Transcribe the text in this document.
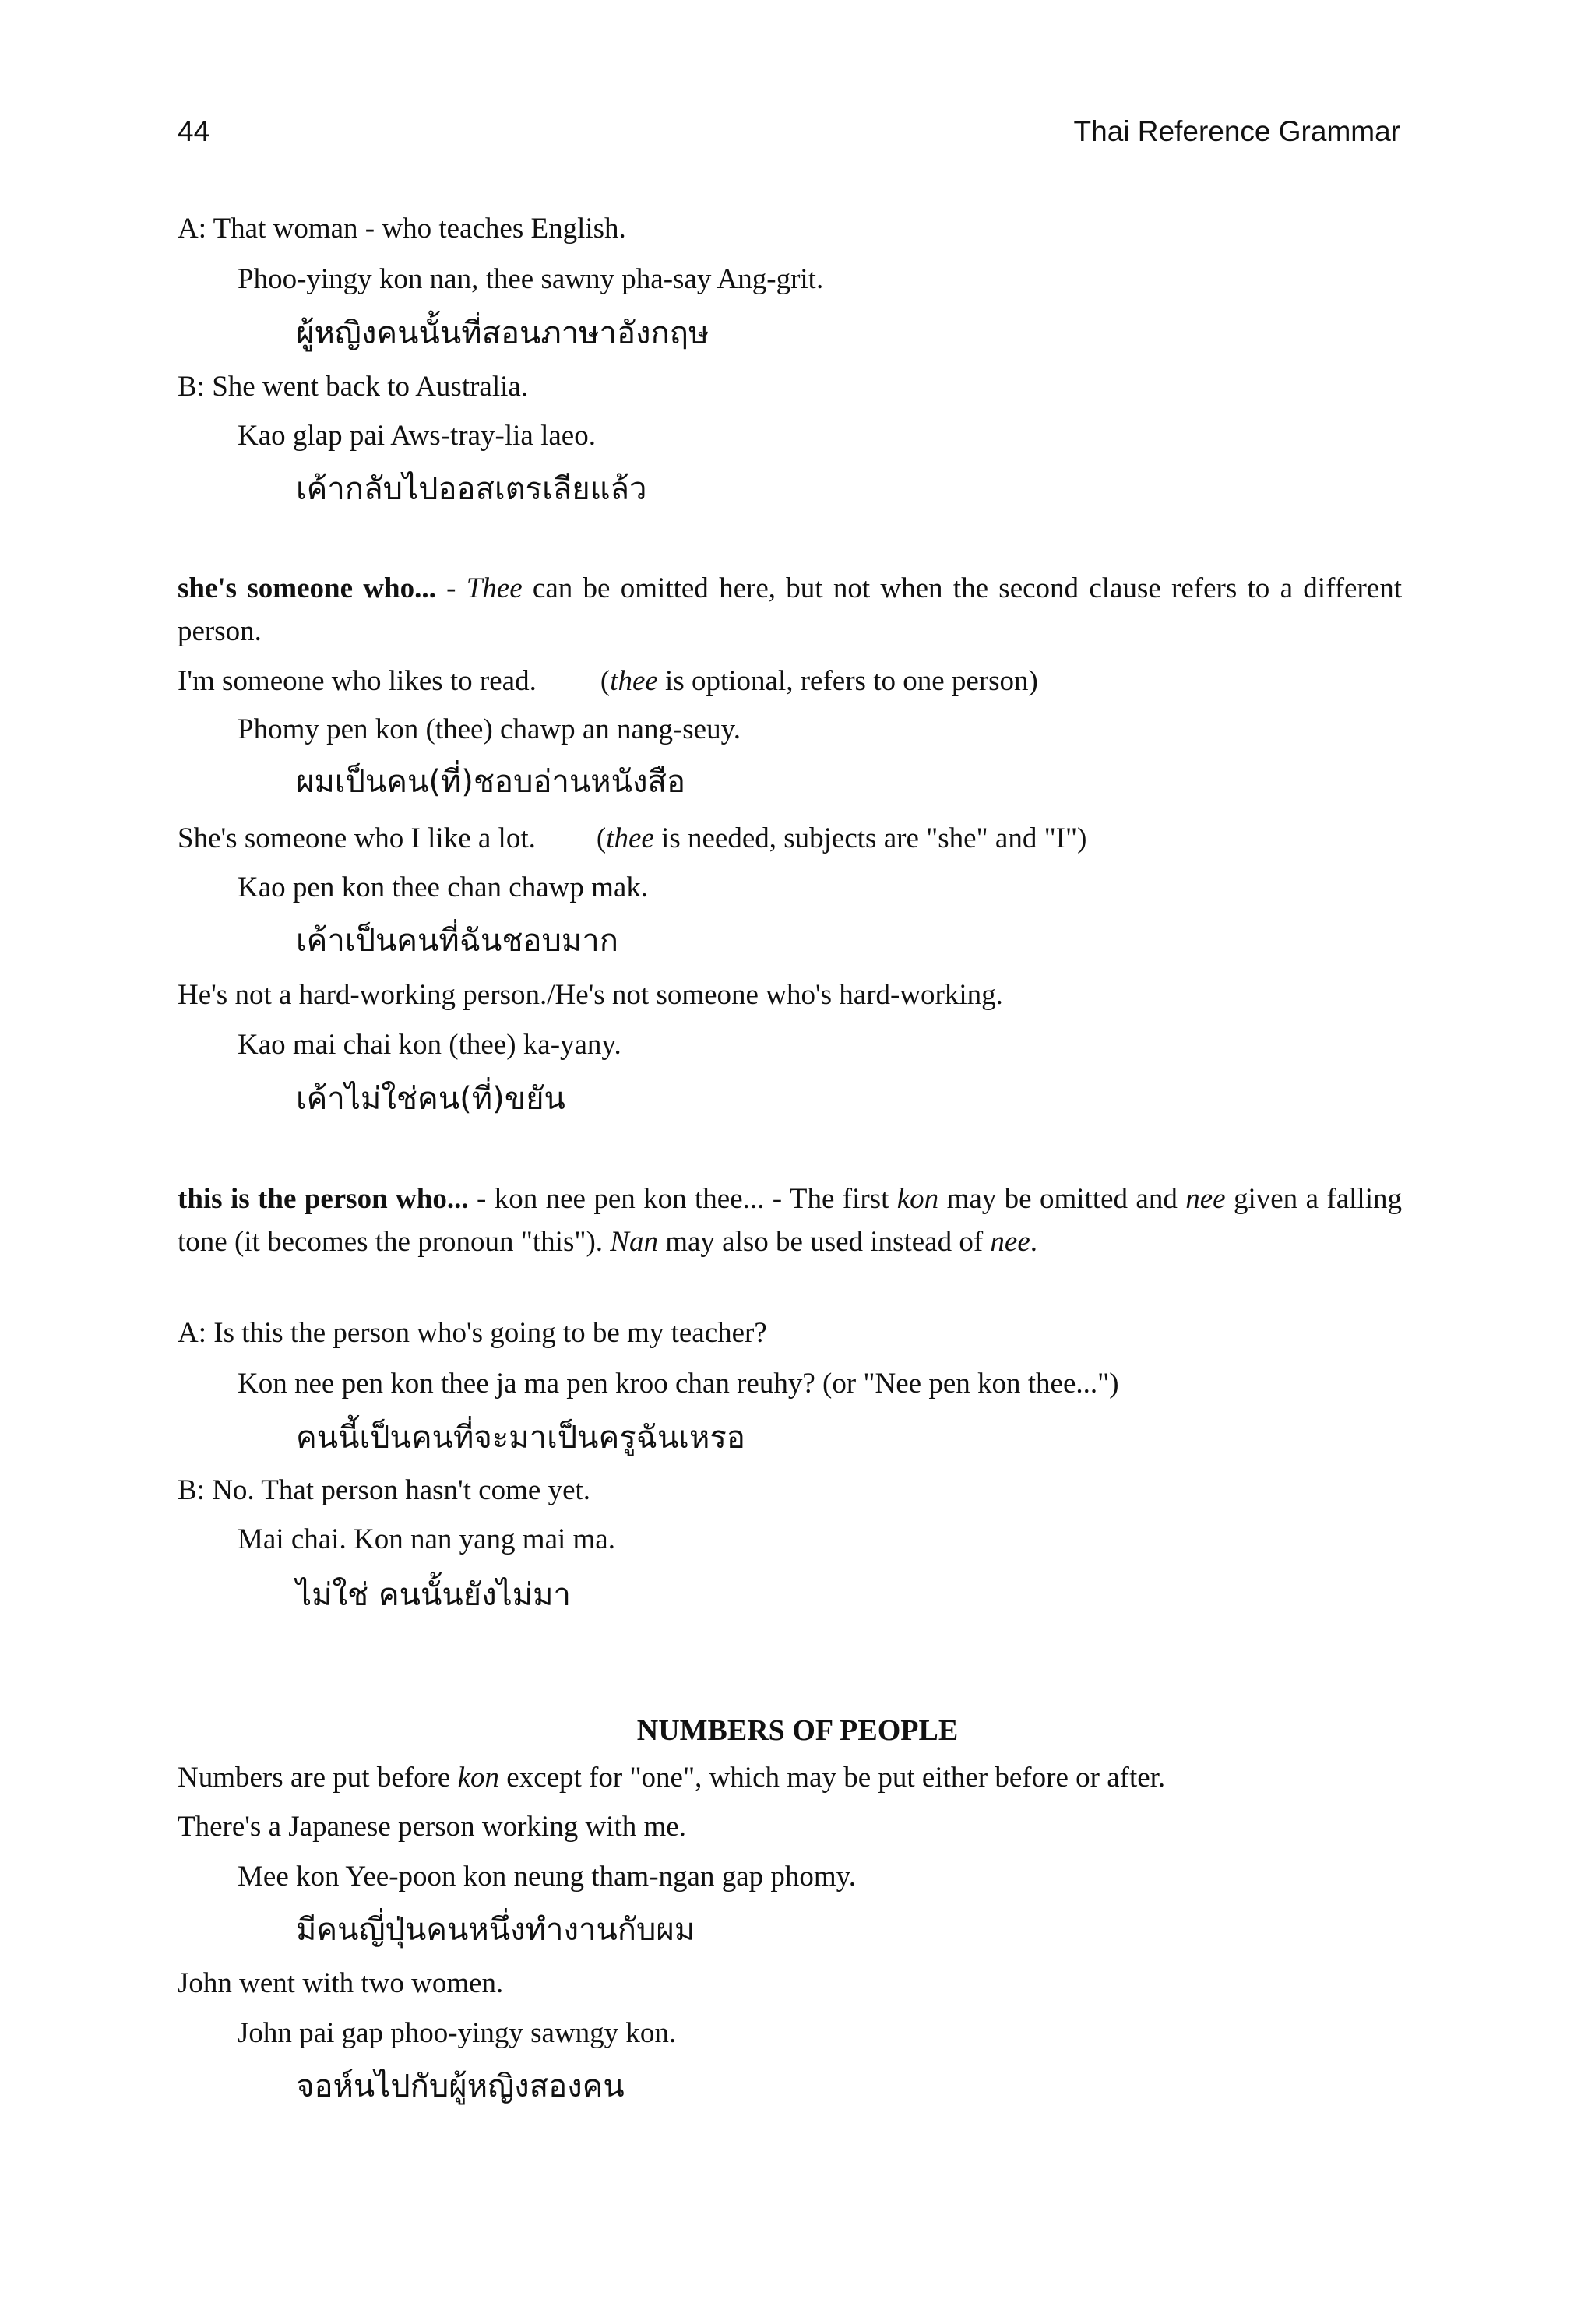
44	Thai Reference Grammar
A: That woman - who teaches English.
Phoo-yingy kon nan, thee sawny pha-say Ang-grit.
ผู้หญิงคนนั้นที่สอนภาษาอังกฤษ
B: She went back to Australia.
Kao glap pai Aws-tray-lia laeo.
เค้ากลับไปออสเตรเลียแล้ว
she's someone who... - Thee can be omitted here, but not when the second clause refers to a different person.
I'm someone who likes to read. (thee is optional, refers to one person)
Phomy pen kon (thee) chawp an nang-seuy.
ผมเป็นคน(ที่)ชอบอ่านหนังสือ
She's someone who I like a lot. (thee is needed, subjects are "she" and "I")
Kao pen kon thee chan chawp mak.
เค้าเป็นคนที่ฉันชอบมาก
He's not a hard-working person./He's not someone who's hard-working.
Kao mai chai kon (thee) ka-yany.
เค้าไม่ใช่คน(ที่)ขยัน
this is the person who... - kon nee pen kon thee... - The first kon may be omitted and nee given a falling tone (it becomes the pronoun "this"). Nan may also be used instead of nee.
A: Is this the person who's going to be my teacher?
Kon nee pen kon thee ja ma pen kroo chan reuhy? (or "Nee pen kon thee...")
คนนี้เป็นคนที่จะมาเป็นครูฉันเหรอ
B: No. That person hasn't come yet.
Mai chai. Kon nan yang mai ma.
ไม่ใช่ คนนั้นยังไม่มา
NUMBERS OF PEOPLE
Numbers are put before kon except for "one", which may be put either before or after.
There's a Japanese person working with me.
Mee kon Yee-poon kon neung tham-ngan gap phomy.
มีคนญี่ปุ่นคนหนึ่งทำงานกับผม
John went with two women.
John pai gap phoo-yingy sawngy kon.
จอห์นไปกับผู้หญิงสองคน
